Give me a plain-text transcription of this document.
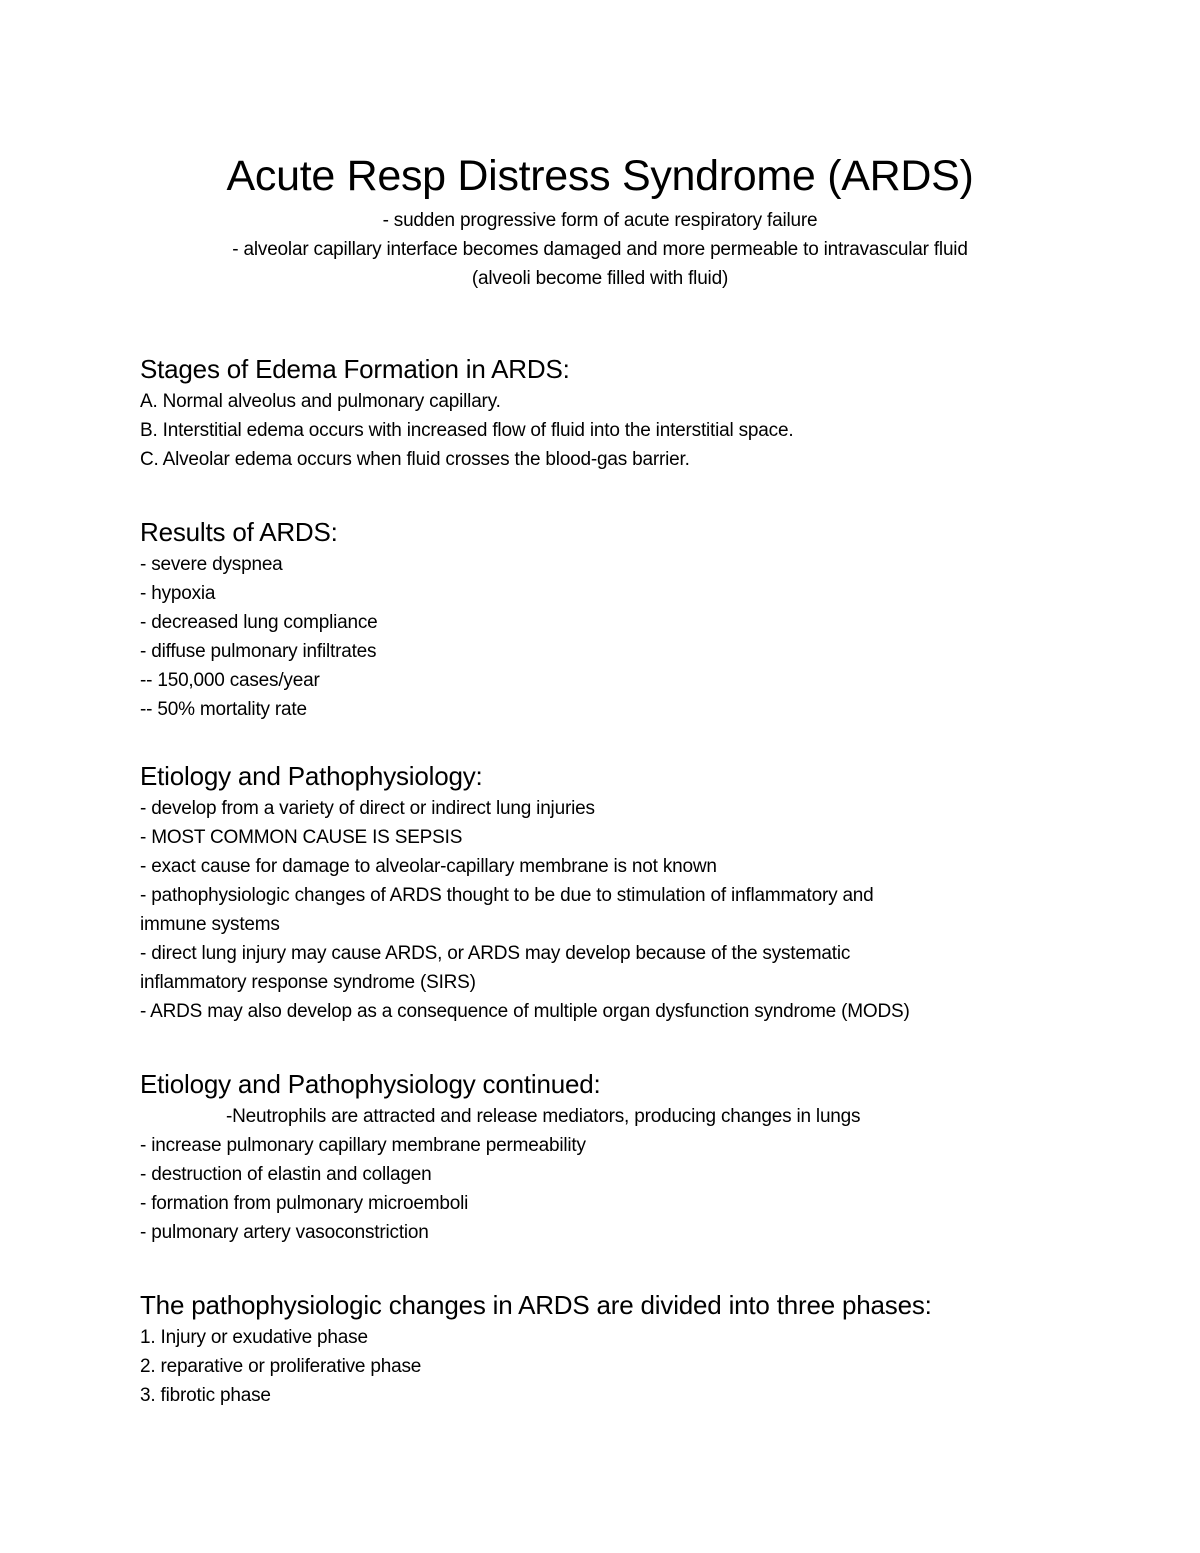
Acute Resp Distress Syndrome (ARDS)

- sudden progressive form of acute respiratory failure

- alveolar capillary interface becomes damaged and more permeable to intravascular fluid

(alveoli become filled with fluid)

Stages of Edema Formation in ARDS:

A. Normal alveolus and pulmonary capillary.

B. Interstitial edema occurs with increased flow of fluid into the interstitial space.

C. Alveolar edema occurs when fluid crosses the blood-gas barrier.

Results of ARDS:

- severe dyspnea

- hypoxia

- decreased lung compliance

- diffuse pulmonary infiltrates

-- 150,000 cases/year

-- 50% mortality rate

Etiology and Pathophysiology:

- develop from a variety of direct or indirect lung injuries

- MOST COMMON CAUSE IS SEPSIS

- exact cause for damage to alveolar-capillary membrane is not known

- pathophysiologic changes of ARDS thought to be due to stimulation of inflammatory and

immune systems

- direct lung injury may cause ARDS, or ARDS may develop because of the systematic

inflammatory response syndrome (SIRS)

- ARDS may also develop as a consequence of multiple organ dysfunction syndrome (MODS)

Etiology and Pathophysiology continued:

-Neutrophils are attracted and release mediators, producing changes in lungs

- increase pulmonary capillary membrane permeability

- destruction of elastin and collagen

- formation from pulmonary microemboli

- pulmonary artery vasoconstriction

The pathophysiologic changes in ARDS are divided into three phases:

1. Injury or exudative phase

2. reparative or proliferative phase

3. fibrotic phase
